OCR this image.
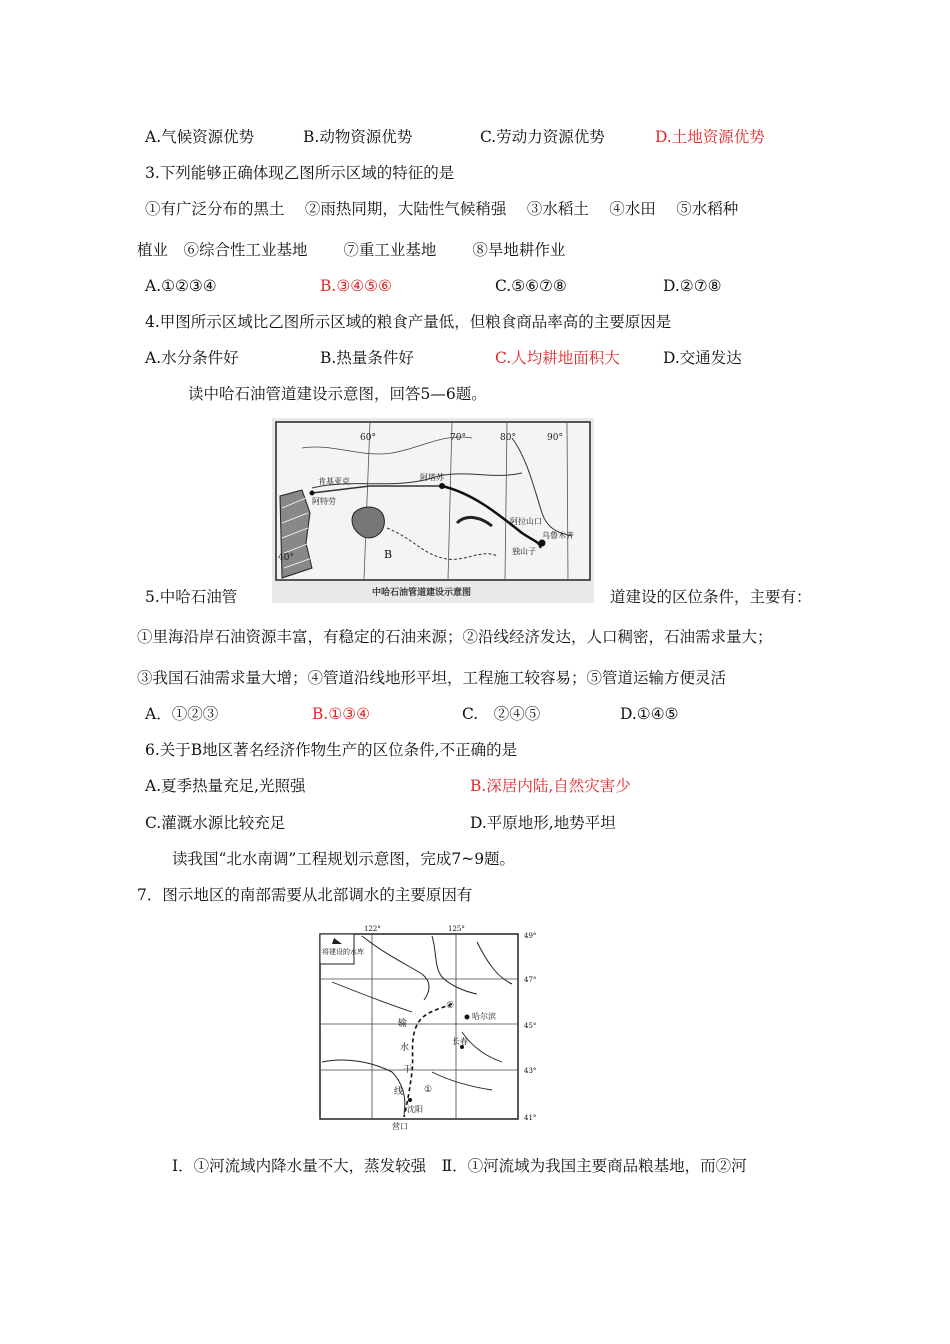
A.气候资源优势	B.动物资源优势	C.劳动力资源优势	D.土地资源优势
3.下列能够正确体现乙图所示区域的特征的是
①有广泛分布的黑土　 ②雨热同期，大陆性气候稍强　 ③水稻土　 ④水田　 ⑤水稻种
植业　⑥综合性工业基地　　 ⑦重工业基地　　 ⑧旱地耕作业
A.①②③④	B.③④⑤⑥	C.⑤⑥⑦⑧	D.②⑦⑧
4.甲图所示区域比乙图所示区域的粮食产量低，但粮食商品率高的主要原因是
A.水分条件好	B.热量条件好	C.人均耕地面积大	D.交通发达
读中哈石油管道建设示意图，回答5—6题。
60°	70°	80°	90°
40°
肯基亚克	阿塔苏
阿特劳
阿拉山口
乌鲁木齐
独山子
B
中哈石油管道建设示意图
5.中哈石油管	道建设的区位条件，主要有：
①里海沿岸石油资源丰富，有稳定的石油来源；②沿线经济发达，人口稠密，石油需求量大；
③我国石油需求量大增；④管道沿线地形平坦，工程施工较容易；⑤管道运输方便灵活
A．①②③	B.①③④	C.　②④⑤	D.①④⑤
6.关于B地区著名经济作物生产的区位条件,不正确的是
A.夏季热量充足,光照强	B.深居内陆,自然灾害少
C.灌溉水源比较充足	D.平原地形,地势平坦
读我国“北水南调”工程规划示意图，完成7~9题。
7．图示地区的南部需要从北部调水的主要原因有
将建设的水库
49°
47°
45°
43°
41°
122°	125°
哈尔滨
长春
沈阳
营口
输
水
干
线 ①
②
Ⅰ．①河流域内降水量不大，蒸发较强　Ⅱ．①河流域为我国主要商品粮基地，而②河
